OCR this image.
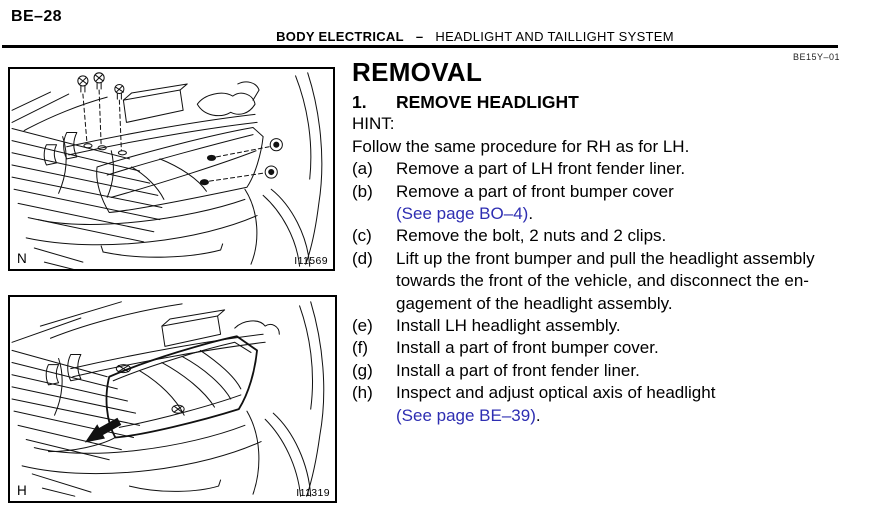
BE–28
BODY ELECTRICAL – HEADLIGHT AND TAILLIGHT SYSTEM
BE15Y–01
N	I11569
H	I11319
REMOVAL
1.	REMOVE HEADLIGHT
HINT:
Follow the same procedure for RH as for LH.
(a)	Remove a part of LH front fender liner.
(b)	Remove a part of front bumper cover
(See page BO–4).
(c)	Remove the bolt, 2 nuts and 2 clips.
(d)	Lift up the front bumper and pull the headlight assembly
towards the front of the vehicle, and disconnect the en-
gagement of the headlight assembly.
(e)	Install LH headlight assembly.
(f)	Install a part of front bumper cover.
(g)	Install a part of front fender liner.
(h)	Inspect and adjust optical axis of headlight
(See page BE–39).
